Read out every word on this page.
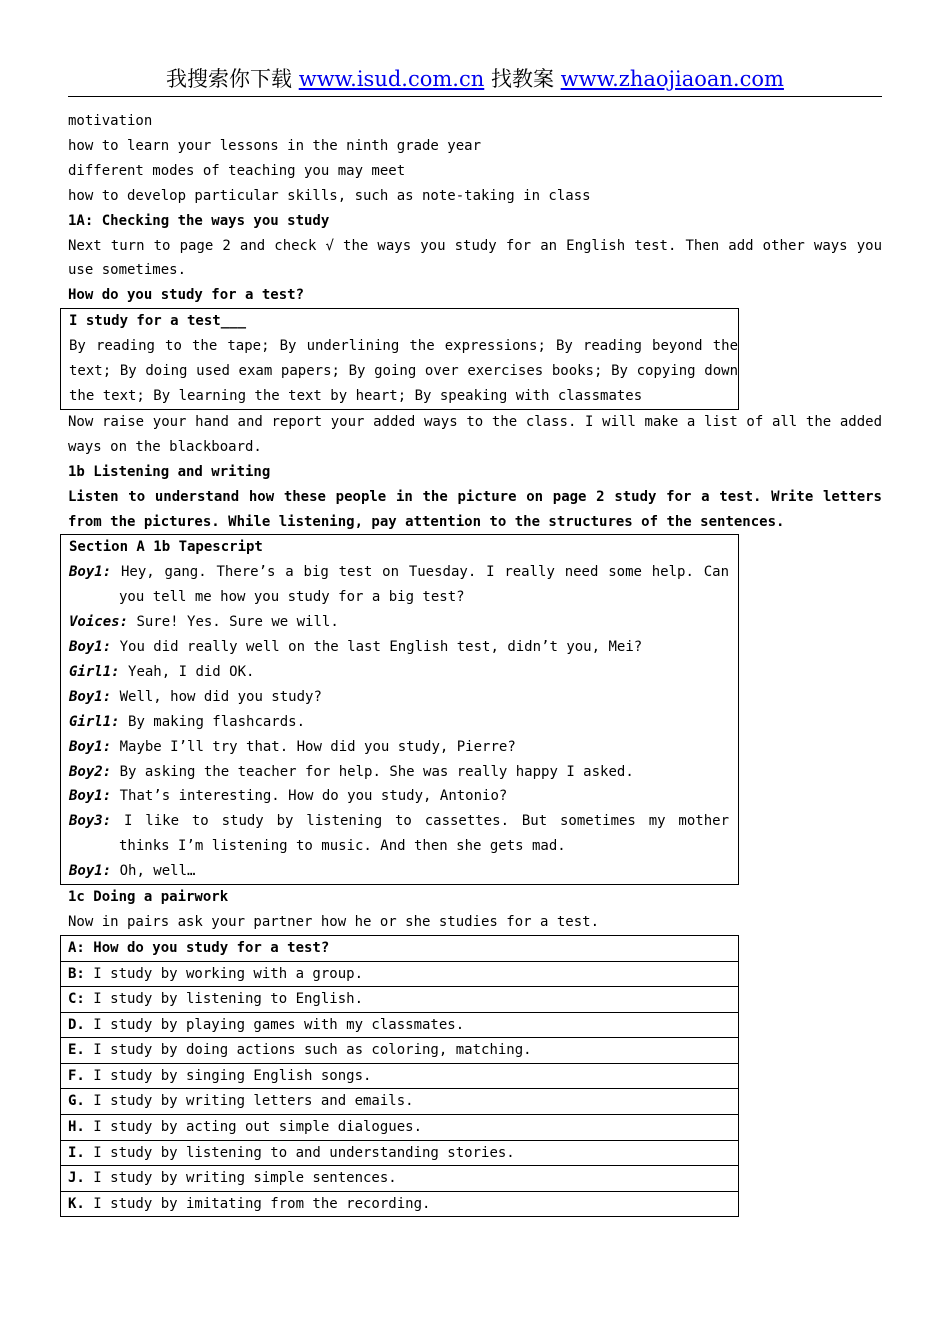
我搜索你下载 www.isud.com.cn 找教案 www.zhaojiaoan.com

motivation

how to learn your lessons in the ninth grade year

different modes of teaching you may meet

how to develop particular skills, such as note-taking in class

1A: Checking the ways you study

Next turn to page 2 and check √ the ways you study for an English test. Then add other ways you use sometimes.

How do you study for a test?

I study for a test___

By reading to the tape; By underlining the expressions; By reading beyond the text; By doing used exam papers; By going over exercises books; By copying down the text; By learning the text by heart; By speaking with classmates

Now raise your hand and report your added ways to the class. I will make a list of all the added ways on the blackboard.

1b Listening and writing

Listen to understand how these people in the picture on page 2 study for a test. Write letters from the pictures. While listening, pay attention to the structures of the sentences.

Section A 1b Tapescript

Boy1: Hey, gang. There’s a big test on Tuesday. I really need some help. Can you tell me how you study for a big test?

Voices: Sure! Yes. Sure we will.

Boy1: You did really well on the last English test, didn’t you, Mei?

Girl1: Yeah, I did OK.

Boy1: Well, how did you study?

Girl1: By making flashcards.

Boy1: Maybe I’ll try that. How did you study, Pierre?

Boy2: By asking the teacher for help. She was really happy I asked.

Boy1: That’s interesting. How do you study, Antonio?

Boy3: I like to study by listening to cassettes. But sometimes my mother thinks I’m listening to music. And then she gets mad.

Boy1: Oh, well…

1c Doing a pairwork

Now in pairs ask your partner how he or she studies for a test.

A: How do you study for a test?
B: I study by working with a group.
C: I study by listening to English.
D. I study by playing games with my classmates.
E. I study by doing actions such as coloring, matching.
F. I study by singing English songs.
G. I study by writing letters and emails.
H. I study by acting out simple dialogues.
I. I study by listening to and understanding stories.
J. I study by writing simple sentences.
K. I study by imitating from the recording.
